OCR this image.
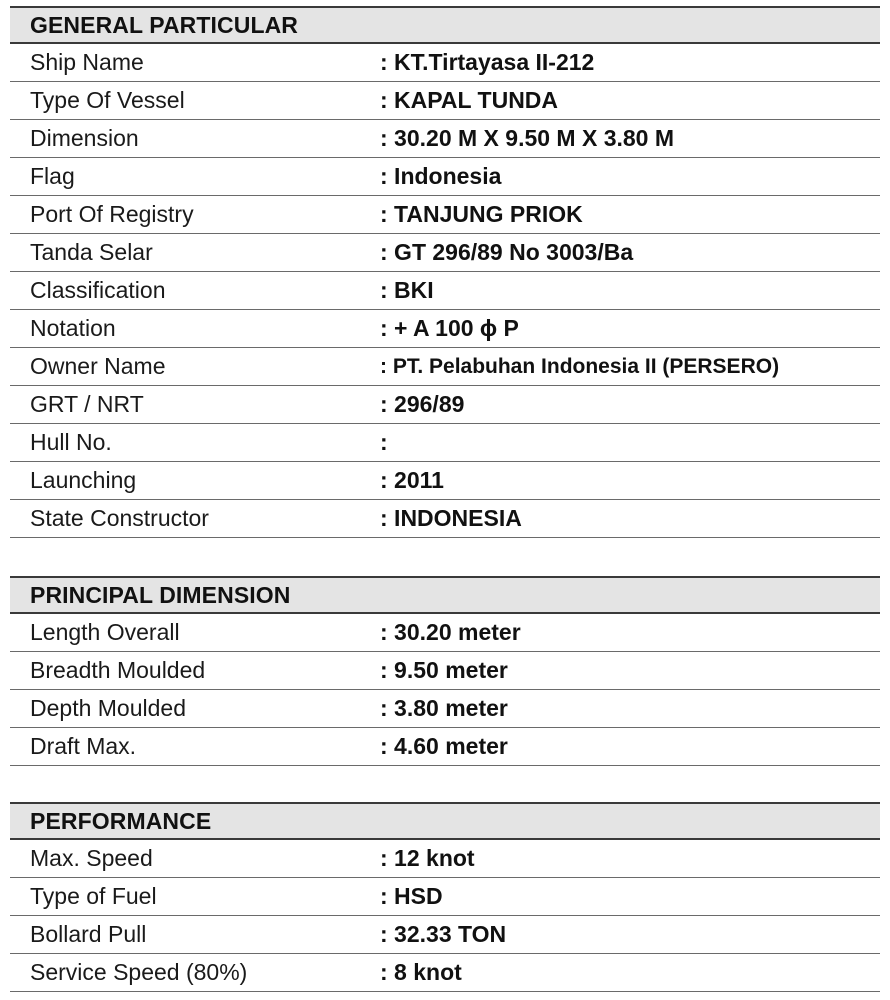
GENERAL PARTICULAR
Ship Name	: KT.Tirtayasa II-212
Type Of Vessel	: KAPAL TUNDA
Dimension	: 30.20 M X 9.50 M X 3.80 M
Flag	: Indonesia
Port Of Registry	: TANJUNG PRIOK
Tanda Selar	: GT 296/89 No 3003/Ba
Classification	: BKI
Notation	: + A 100 ɸ P
Owner Name	: PT. Pelabuhan Indonesia II (PERSERO)
GRT / NRT	: 296/89
Hull No.	:
Launching	: 2011
State Constructor	: INDONESIA
PRINCIPAL DIMENSION
Length Overall	: 30.20 meter
Breadth Moulded	: 9.50 meter
Depth Moulded	: 3.80 meter
Draft Max.	: 4.60 meter
PERFORMANCE
Max. Speed	: 12 knot
Type of Fuel	: HSD
Bollard Pull	: 32.33 TON
Service Speed (80%)	: 8 knot
